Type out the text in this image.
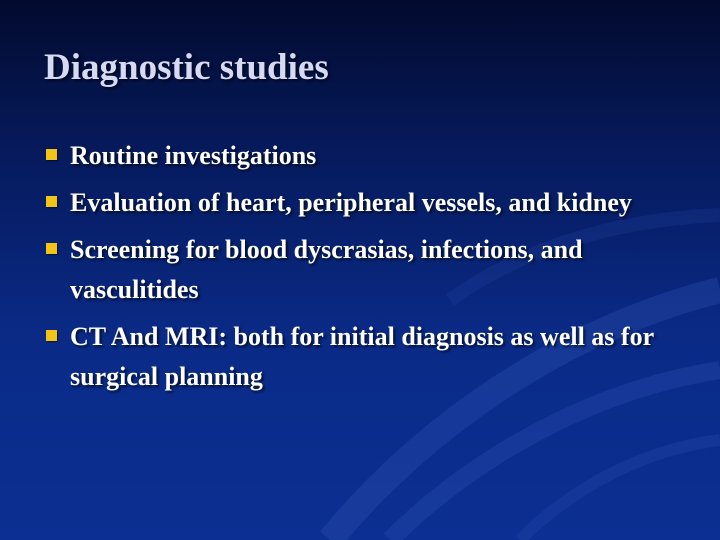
Diagnostic studies
Routine investigations
Evaluation of heart, peripheral vessels, and kidney
Screening for blood dyscrasias, infections, and vasculitides
CT And MRI: both for initial diagnosis as well as for surgical planning
